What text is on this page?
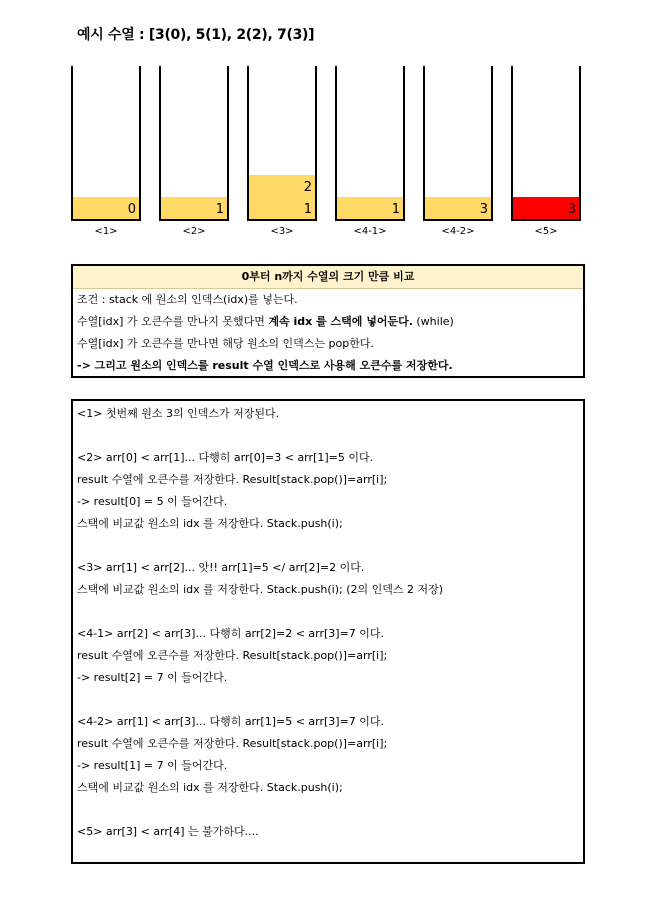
예시 수열 : [3(0), 5(1), 2(2), 7(3)]
0
<1>
1
<2>
1
2
<3>
1
<4-1>
3
<4-2>
3
<5>
0부터 n까지 수열의 크기 만큼 비교
조건 : stack 에 원소의 인덱스(idx)를 넣는다.
수열[idx] 가 오큰수를 만나지 못했다면 계속 idx 를 스택에 넣어둔다. (while)
수열[idx] 가 오큰수를 만나면 해당 원소의 인덱스는 pop한다.
-> 그리고 원소의 인덱스를 result 수열 인덱스로 사용해 오큰수를 저장한다.
<1> 첫번째 원소 3의 인덱스가 저장된다.
<2> arr[0] < arr[1]... 다행히 arr[0]=3 < arr[1]=5 이다.
result 수열에 오큰수를 저장한다. Result[stack.pop()]=arr[i];
-> result[0] = 5 이 들어간다.
스택에 비교값 원소의 idx 를 저장한다. Stack.push(i);
<3> arr[1] < arr[2]... 앗!! arr[1]=5 </ arr[2]=2 이다.
스택에 비교값 원소의 idx 를 저장한다. Stack.push(i); (2의 인덱스 2 저장)
<4-1> arr[2] < arr[3]... 다행히 arr[2]=2 < arr[3]=7 이다.
result 수열에 오큰수를 저장한다. Result[stack.pop()]=arr[i];
-> result[2] = 7 이 들어간다.
<4-2> arr[1] < arr[3]... 다행히 arr[1]=5 < arr[3]=7 이다.
result 수열에 오큰수를 저장한다. Result[stack.pop()]=arr[i];
-> result[1] = 7 이 들어간다.
스택에 비교값 원소의 idx 를 저장한다. Stack.push(i);
<5> arr[3] < arr[4] 는 불가하다....
